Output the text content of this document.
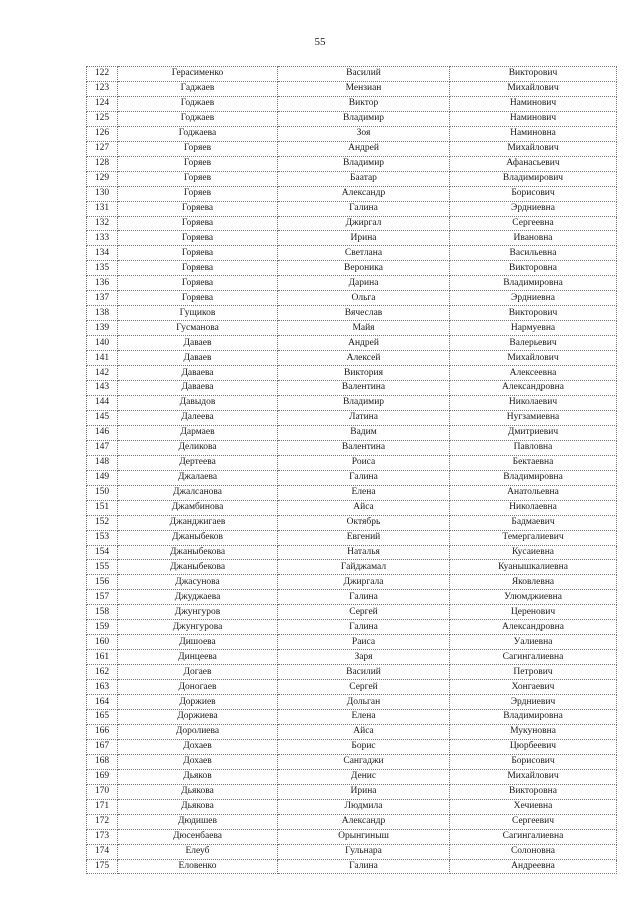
55
122	Герасименко	Василий	Викторович
123	Гаджаев	Мензиан	Михайлович
124	Годжаев	Виктор	Наминович
125	Годжаев	Владимир	Наминович
126	Годжаева	Зоя	Наминовна
127	Горяев	Андрей	Михайлович
128	Горяев	Владимир	Афанасьевич
129	Горяев	Баатар	Владимирович
130	Горяев	Александр	Борисович
131	Горяева	Галина	Эрдниевна
132	Горяева	Джиргал	Сергеевна
133	Горяева	Ирина	Ивановна
134	Горяева	Светлана	Васильевна
135	Горяева	Вероника	Викторовна
136	Горяева	Дарина	Владимировна
137	Горяева	Ольга	Эрдниевна
138	Гущиков	Вячеслав	Викторович
139	Гусманова	Майя	Нармуевна
140	Даваев	Андрей	Валерьевич
141	Даваев	Алексей	Михайлович
142	Даваева	Виктория	Алексеевна
143	Даваева	Валентина	Александровна
144	Давыдов	Владимир	Николаевич
145	Далеева	Латина	Нугзамиевна
146	Дармаев	Вадим	Дмитриевич
147	Деликова	Валентина	Павловна
148	Дертеева	Роиса	Бектаевна
149	Джалаева	Галина	Владимировна
150	Джалсанова	Елена	Анатольевна
151	Джамбинова	Айса	Николаевна
152	Джанджигаев	Октябрь	Бадмаевич
153	Джаныбеков	Евгений	Темергалиевич
154	Джаныбекова	Наталья	Кусаиевна
155	Джаныбекова	Гайджамал	Куанышкалиевна
156	Джасунова	Джиргала	Яковлевна
157	Джуджаева	Галина	Улюмджиевна
158	Джунгуров	Сергей	Церенович
159	Джунгурова	Галина	Александровна
160	Дишоева	Раиса	Уалиевна
161	Динцеева	Заря	Сагингалиевна
162	Догаев	Василий	Петрович
163	Доногаев	Сергей	Хонгаевич
164	Доржиев	Дольган	Эрдниевич
165	Доржиева	Елена	Владимировна
166	Доролиева	Айса	Мукуновна
167	Дохаев	Борис	Цюрбеевич
168	Дохаев	Сангаджи	Борисович
169	Дьяков	Денис	Михайлович
170	Дьякова	Ирина	Викторовна
171	Дьякова	Людмила	Хечиевна
172	Дюдишев	Александр	Сергеевич
173	Дюсенбаева	Орынгиныш	Сагингалиевна
174	Елеуб	Гульнара	Солоновна
175	Еловенко	Галина	Андреевна
